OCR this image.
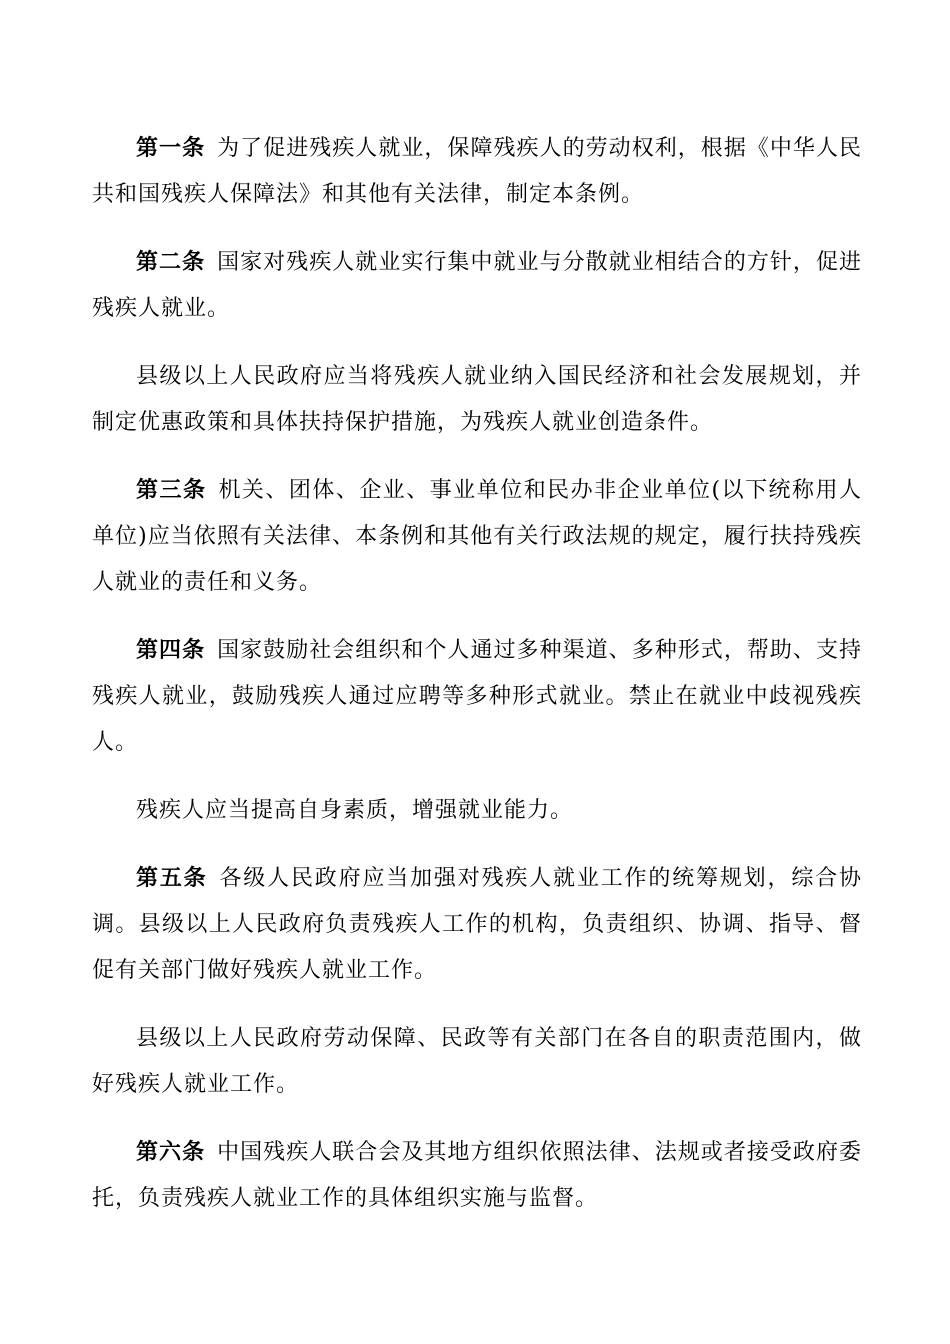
第一条 为了促进残疾人就业，保障残疾人的劳动权利，根据《中华人民共和国残疾人保障法》和其他有关法律，制定本条例。

第二条 国家对残疾人就业实行集中就业与分散就业相结合的方针，促进残疾人就业。

县级以上人民政府应当将残疾人就业纳入国民经济和社会发展规划，并制定优惠政策和具体扶持保护措施，为残疾人就业创造条件。

第三条 机关、团体、企业、事业单位和民办非企业单位(以下统称用人单位)应当依照有关法律、本条例和其他有关行政法规的规定，履行扶持残疾人就业的责任和义务。

第四条 国家鼓励社会组织和个人通过多种渠道、多种形式，帮助、支持残疾人就业，鼓励残疾人通过应聘等多种形式就业。禁止在就业中歧视残疾人。

残疾人应当提高自身素质，增强就业能力。

第五条 各级人民政府应当加强对残疾人就业工作的统筹规划，综合协调。县级以上人民政府负责残疾人工作的机构，负责组织、协调、指导、督促有关部门做好残疾人就业工作。

县级以上人民政府劳动保障、民政等有关部门在各自的职责范围内，做好残疾人就业工作。

第六条 中国残疾人联合会及其地方组织依照法律、法规或者接受政府委托，负责残疾人就业工作的具体组织实施与监督。
